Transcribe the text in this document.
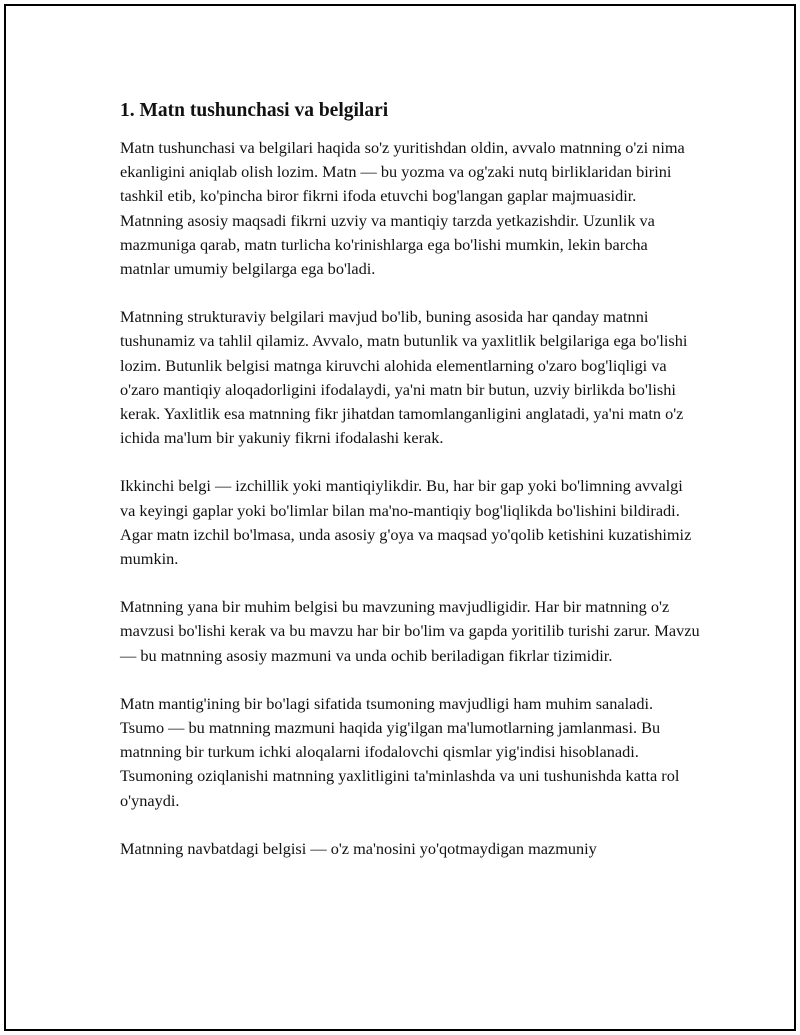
1. Matn tushunchasi va belgilari

Matn tushunchasi va belgilari haqida so'z yuritishdan oldin, avvalo matnning o'zi nima ekanligini aniqlab olish lozim. Matn — bu yozma va og'zaki nutq birliklaridan birini tashkil etib, ko'pincha biror fikrni ifoda etuvchi bog'langan gaplar majmuasidir. Matnning asosiy maqsadi fikrni uzviy va mantiqiy tarzda yetkazishdir. Uzunlik va mazmuniga qarab, matn turlicha ko'rinishlarga ega bo'lishi mumkin, lekin barcha matnlar umumiy belgilarga ega bo'ladi.

Matnning strukturaviy belgilari mavjud bo'lib, buning asosida har qanday matnni tushunamiz va tahlil qilamiz. Avvalo, matn butunlik va yaxlitlik belgilariga ega bo'lishi lozim. Butunlik belgisi matnga kiruvchi alohida elementlarning o'zaro bog'liqligi va o'zaro mantiqiy aloqadorligini ifodalaydi, ya'ni matn bir butun, uzviy birlikda bo'lishi kerak. Yaxlitlik esa matnning fikr jihatdan tamomlanganligini anglatadi, ya'ni matn o'z ichida ma'lum bir yakuniy fikrni ifodalashi kerak.

Ikkinchi belgi — izchillik yoki mantiqiylikdir. Bu, har bir gap yoki bo'limning avvalgi va keyingi gaplar yoki bo'limlar bilan ma'no-mantiqiy bog'liqlikda bo'lishini bildiradi. Agar matn izchil bo'lmasa, unda asosiy g'oya va maqsad yo'qolib ketishini kuzatishimiz mumkin.

Matnning yana bir muhim belgisi bu mavzuning mavjudligidir. Har bir matnning o'z mavzusi bo'lishi kerak va bu mavzu har bir bo'lim va gapda yoritilib turishi zarur. Mavzu — bu matnning asosiy mazmuni va unda ochib beriladigan fikrlar tizimidir.

Matn mantig'ining bir bo'lagi sifatida tsumoning mavjudligi ham muhim sanaladi. Tsumo — bu matnning mazmuni haqida yig'ilgan ma'lumotlarning jamlanmasi. Bu matnning bir turkum ichki aloqalarni ifodalovchi qismlar yig'indisi hisoblanadi. Tsumoning oziqlanishi matnning yaxlitligini ta'minlashda va uni tushunishda katta rol o'ynaydi.

Matnning navbatdagi belgisi — o'z ma'nosini yo'qotmaydigan mazmuniy
